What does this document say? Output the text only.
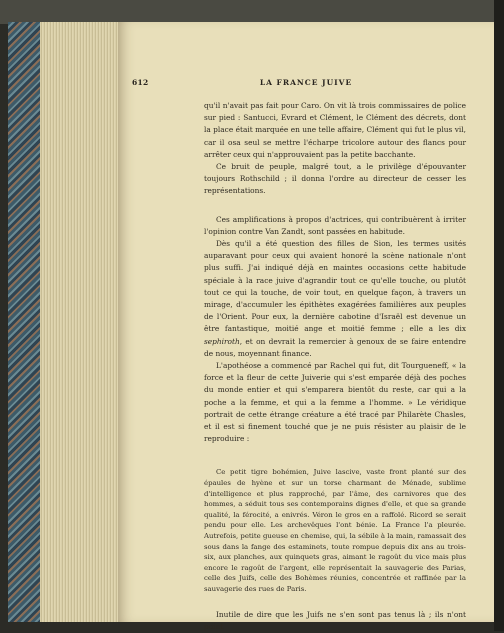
612	LA FRANCE JUIVE

qu'il n'avait pas fait pour Caro. On vit là trois commissaires de police sur pied : Santucci, Evrard et Clément, le Clément des décrets, dont la place était marquée en une telle affaire, Clément qui fut le plus vil, car il osa seul se mettre l'écharpe tricolore autour des flancs pour arrêter ceux qui n'approuvaient pas la petite bacchante.

Ce bruit de peuple, malgré tout, a le privilège d'épouvanter toujours Rothschild ; il donna l'ordre au directeur de cesser les représentations.

Ces amplifications à propos d'actrices, qui contribuèrent à irriter l'opinion contre Van Zandt, sont passées en habitude.

Dès qu'il a été question des filles de Sion, les termes usités auparavant pour ceux qui avaient honoré la scène nationale n'ont plus suffi. J'ai indiqué déjà en maintes occasions cette habitude spéciale à la race juive d'agrandir tout ce qu'elle touche, ou plutôt tout ce qui la touche, de voir tout, en quelque façon, à travers un mirage, d'accumuler les épithètes exagérées familières aux peuples de l'Orient. Pour eux, la dernière cabotine d'Israël est devenue un être fantastique, moitié ange et moitié femme ; elle a les dix sephiroth, et on devrait la remercier à genoux de se faire entendre de nous, moyennant finance.

L'apothéose a commencé par Rachel qui fut, dit Tourgueneff, « la force et la fleur de cette Juiverie qui s'est emparée déjà des poches du monde entier et qui s'emparera bientôt du reste, car qui a la poche a la femme, et qui a la femme a l'homme. » Le véridique portrait de cette étrange créature a été tracé par Philarète Chasles, et il est si finement touché que je ne puis résister au plaisir de le reproduire :

Ce petit tigre bohémien, Juive lascive, vaste front planté sur des épaules de hyène et sur un torse charmant de Ménade, sublime d'intelligence et plus rapproché, par l'âme, des carnivores que des hommes, a séduit tous ses contemporains dignes d'elle, et que sa grande qualité, la férocité, a enivrés. Véron le gros en a raffolé. Ricord se serait pendu pour elle. Les archevêques l'ont bénie. La France l'a pleurée. Autrefois, petite gueuse en chemise, qui, la sébile à la main, ramassait des sous dans la fange des estaminets, toute rompue depuis dix ans au trois-six, aux planches, aux quinquets gras, aimant le ragoût du vice mais plus encore le ragoût de l'argent, elle représentait la sauvagerie des Parias, celle des Juifs, celle des Bohèmes réunies, concentrée et raffinée par la sauvagerie des rues de Paris.

Inutile de dire que les Juifs ne s'en sont pas tenus là ; ils n'ont point
